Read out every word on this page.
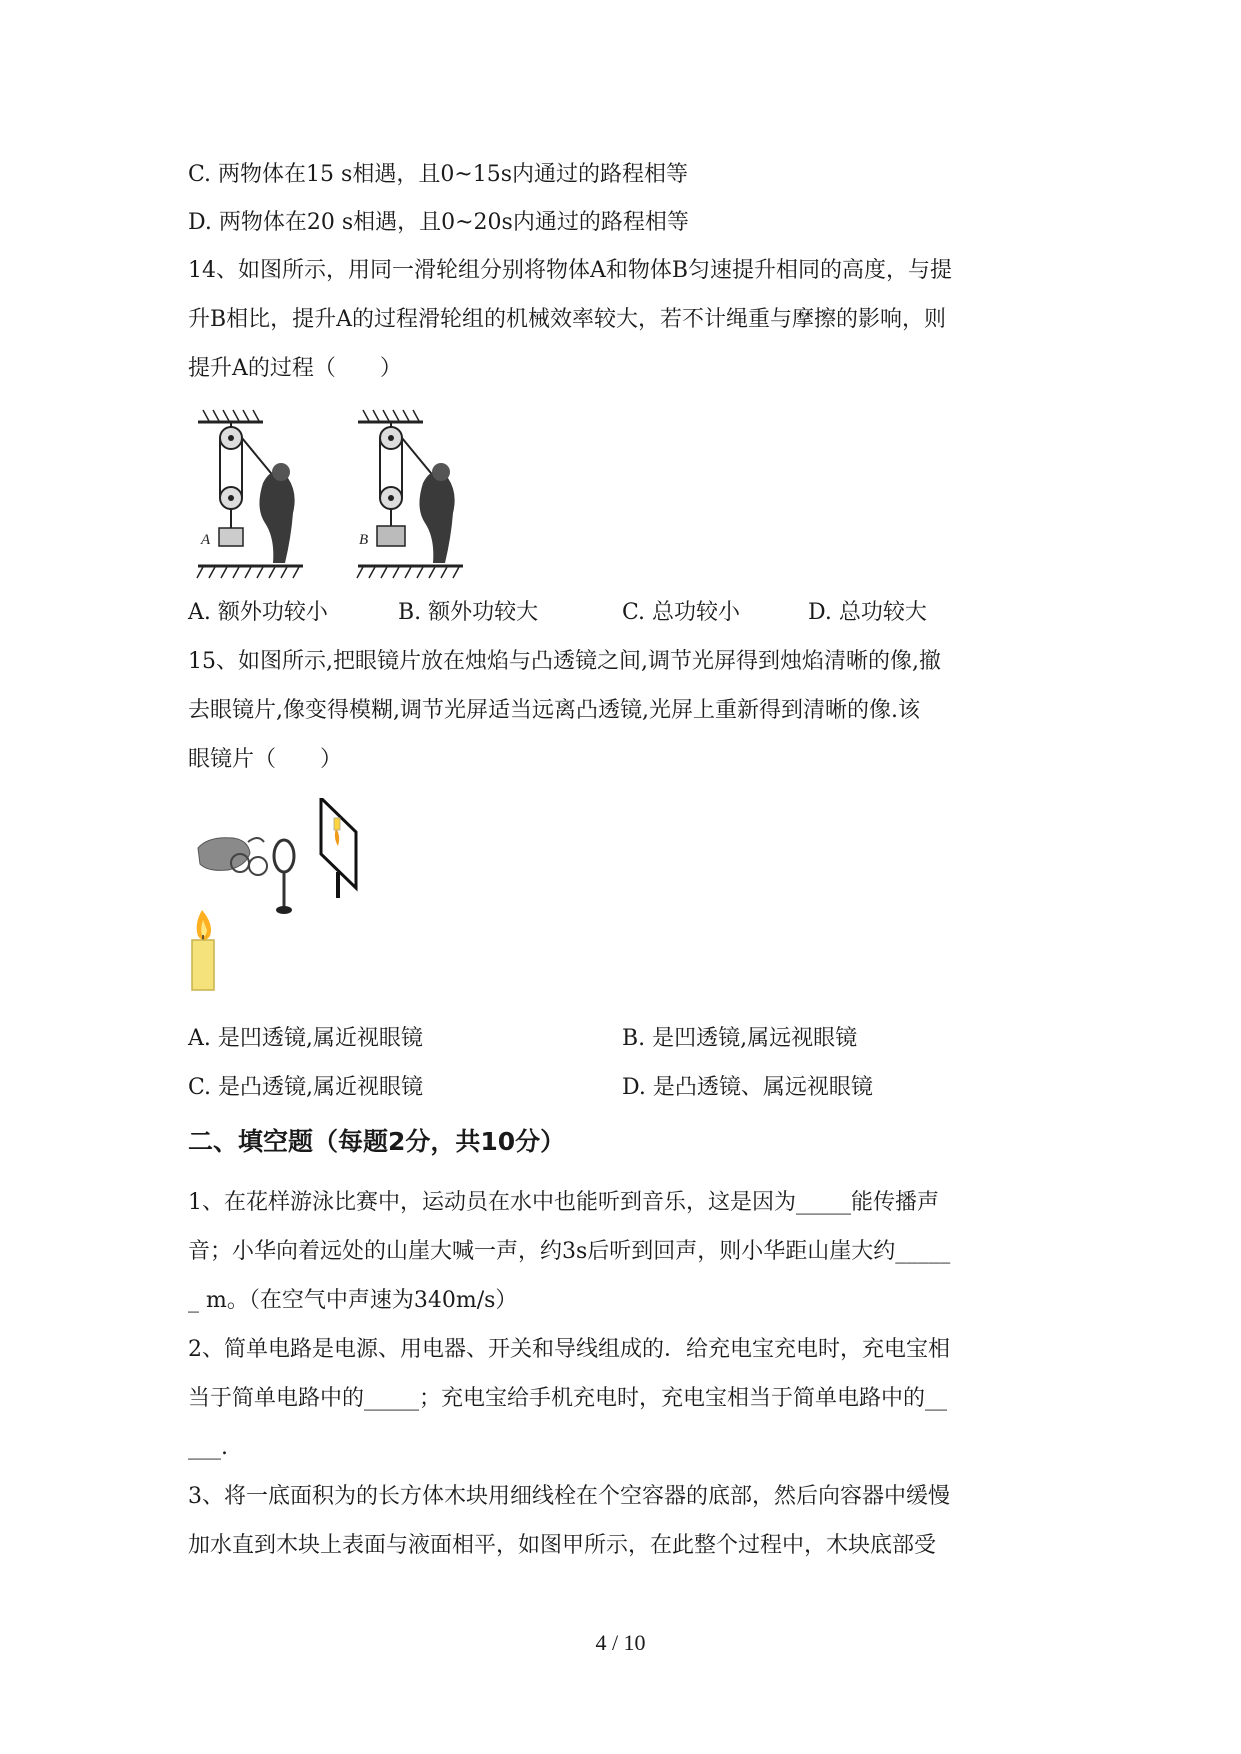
C. 两物体在15 s相遇，且0~15s内通过的路程相等
D. 两物体在20 s相遇，且0~20s内通过的路程相等
14、如图所示，用同一滑轮组分别将物体A和物体B匀速提升相同的高度，与提
升B相比，提升A的过程滑轮组的机械效率较大，若不计绳重与摩擦的影响，则
提升A的过程（　　）
A	B
A. 额外功较小	B. 额外功较大	C. 总功较小	D. 总功较大
15、如图所示,把眼镜片放在烛焰与凸透镜之间,调节光屏得到烛焰清晰的像,撤
去眼镜片,像变得模糊,调节光屏适当远离凸透镜,光屏上重新得到清晰的像.该
眼镜片（　　）
A. 是凹透镜,属近视眼镜	B. 是凹透镜,属远视眼镜
C. 是凸透镜,属近视眼镜	D. 是凸透镜、属远视眼镜
二、填空题（每题2分，共10分）
1、在花样游泳比赛中，运动员在水中也能听到音乐，这是因为_____能传播声
音；小华向着远处的山崖大喊一声，约3s后听到回声，则小华距山崖大约_____
_ m。（在空气中声速为340m/s）
2、简单电路是电源、用电器、开关和导线组成的．给充电宝充电时，充电宝相
当于简单电路中的_____；充电宝给手机充电时，充电宝相当于简单电路中的__
___.
3、将一底面积为的长方体木块用细线栓在个空容器的底部，然后向容器中缓慢
加水直到木块上表面与液面相平，如图甲所示，在此整个过程中，木块底部受
4 / 10
